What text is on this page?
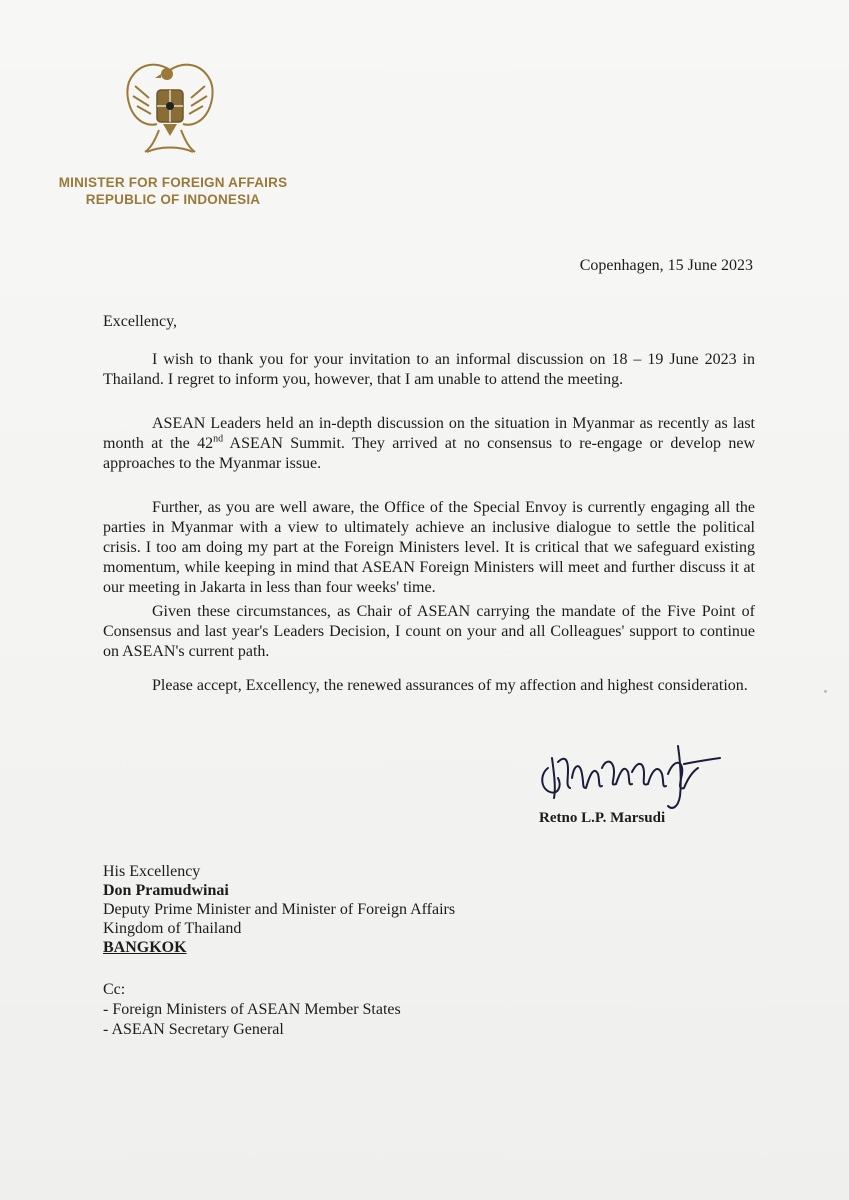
MINISTER FOR FOREIGN AFFAIRS
REPUBLIC OF INDONESIA
Copenhagen, 15 June 2023
Excellency,
I wish to thank you for your invitation to an informal discussion on 18 – 19 June 2023 in Thailand. I regret to inform you, however, that I am unable to attend the meeting.
ASEAN Leaders held an in-depth discussion on the situation in Myanmar as recently as last month at the 42nd ASEAN Summit. They arrived at no consensus to re-engage or develop new approaches to the Myanmar issue.
Further, as you are well aware, the Office of the Special Envoy is currently engaging all the parties in Myanmar with a view to ultimately achieve an inclusive dialogue to settle the political crisis. I too am doing my part at the Foreign Ministers level. It is critical that we safeguard existing momentum, while keeping in mind that ASEAN Foreign Ministers will meet and further discuss it at our meeting in Jakarta in less than four weeks' time.
Given these circumstances, as Chair of ASEAN carrying the mandate of the Five Point of Consensus and last year's Leaders Decision, I count on your and all Colleagues' support to continue on ASEAN's current path.
Please accept, Excellency, the renewed assurances of my affection and highest consideration.
Retno L.P. Marsudi
His Excellency
Don Pramudwinai
Deputy Prime Minister and Minister of Foreign Affairs
Kingdom of Thailand
BANGKOK
Cc:
- Foreign Ministers of ASEAN Member States
- ASEAN Secretary General
